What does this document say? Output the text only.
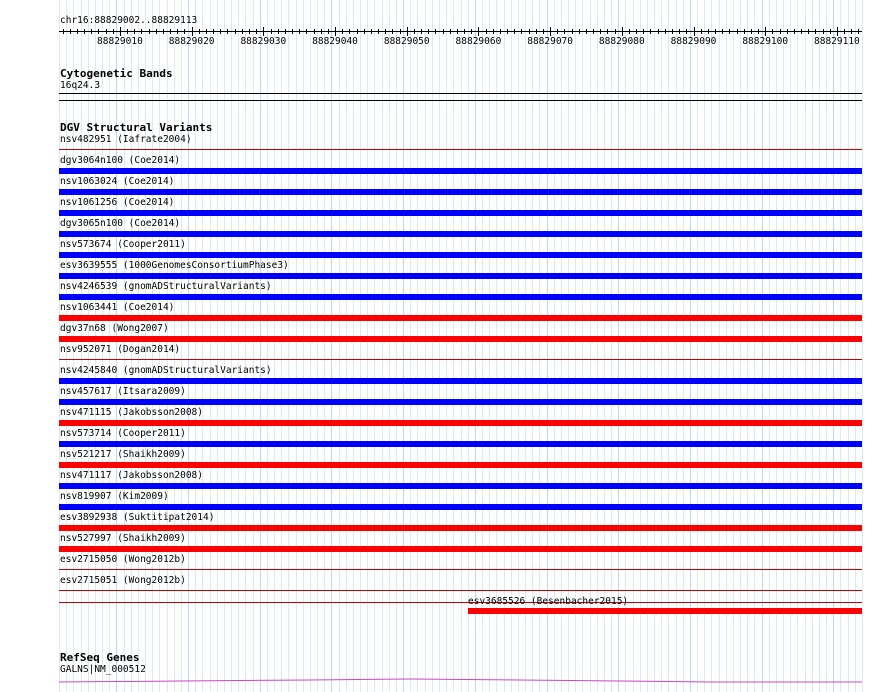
chr16:88829002..88829113
88829010	88829020	88829030	88829040	88829050	88829060	88829070	88829080	88829090	88829100	88829110
Cytogenetic Bands
16q24.3
DGV Structural Variants
nsv482951 (Iafrate2004)
dgv3064n100 (Coe2014)
nsv1063024 (Coe2014)
nsv1061256 (Coe2014)
dgv3065n100 (Coe2014)
nsv573674 (Cooper2011)
esv3639555 (1000GenomesConsortiumPhase3)
nsv4246539 (gnomADStructuralVariants)
nsv1063441 (Coe2014)
dgv37n68 (Wong2007)
nsv952071 (Dogan2014)
nsv4245840 (gnomADStructuralVariants)
nsv457617 (Itsara2009)
nsv471115 (Jakobsson2008)
nsv573714 (Cooper2011)
nsv521217 (Shaikh2009)
nsv471117 (Jakobsson2008)
nsv819907 (Kim2009)
esv3892938 (Suktitipat2014)
nsv527997 (Shaikh2009)
esv2715050 (Wong2012b)
esv2715051 (Wong2012b)
esv3685526 (Besenbacher2015)
RefSeq Genes
GALNS|NM_000512
